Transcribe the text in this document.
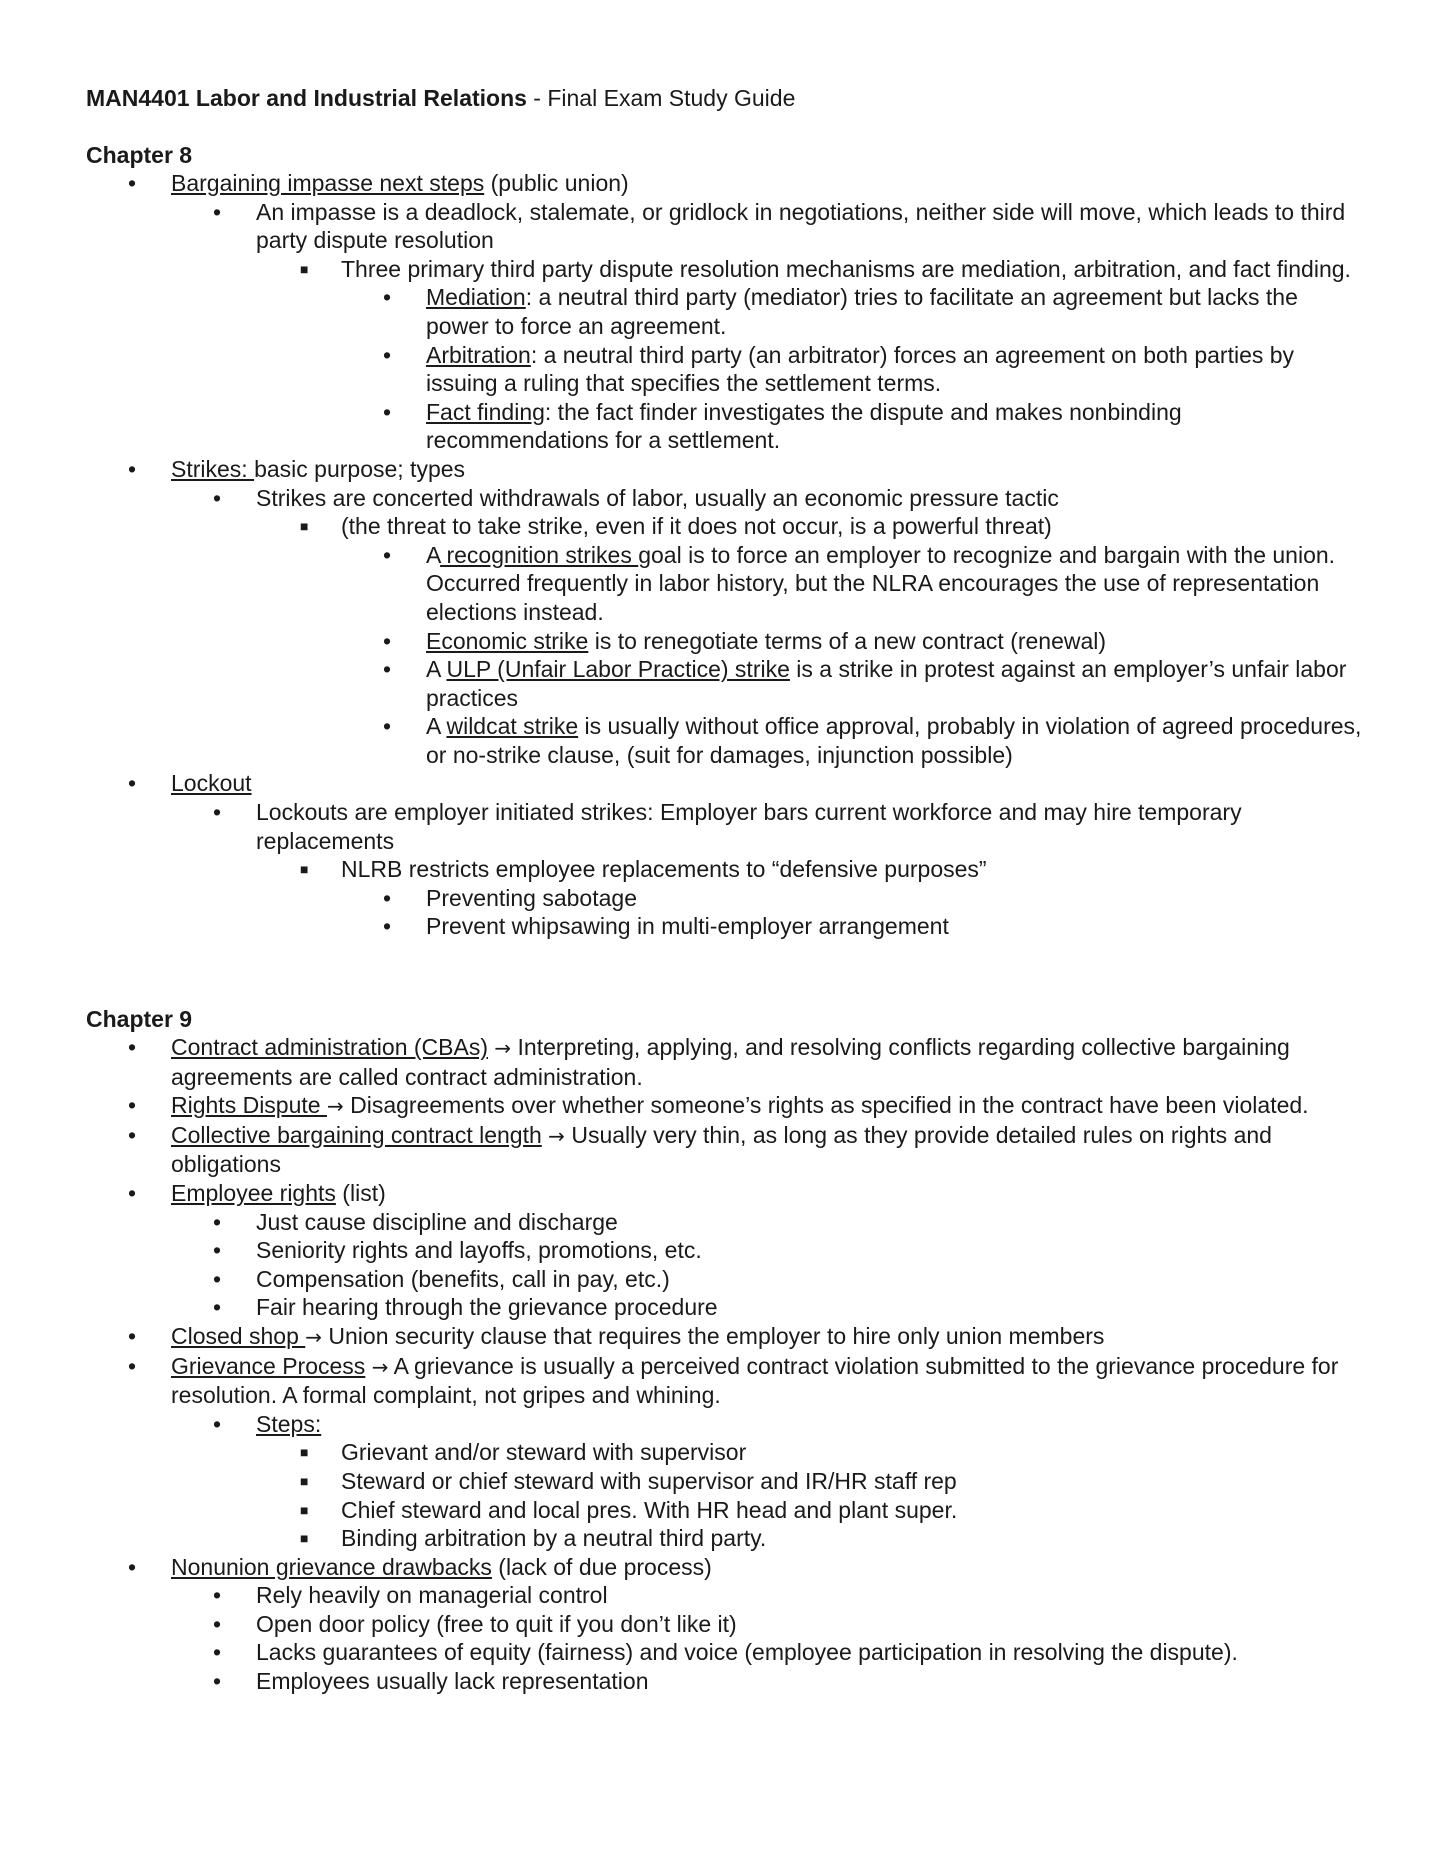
MAN4401 Labor and Industrial Relations - Final Exam Study Guide
Chapter 8
• Bargaining impasse next steps (public union)
• An impasse is a deadlock, stalemate, or gridlock in negotiations, neither side will move, which leads to third party dispute resolution
■ Three primary third party dispute resolution mechanisms are mediation, arbitration, and fact finding.
• Mediation: a neutral third party (mediator) tries to facilitate an agreement but lacks the power to force an agreement.
• Arbitration: a neutral third party (an arbitrator) forces an agreement on both parties by issuing a ruling that specifies the settlement terms.
• Fact finding: the fact finder investigates the dispute and makes nonbinding recommendations for a settlement.
• Strikes: basic purpose; types
• Strikes are concerted withdrawals of labor, usually an economic pressure tactic
■ (the threat to take strike, even if it does not occur, is a powerful threat)
• A recognition strikes goal is to force an employer to recognize and bargain with the union. Occurred frequently in labor history, but the NLRA encourages the use of representation elections instead.
• Economic strike is to renegotiate terms of a new contract (renewal)
• A ULP (Unfair Labor Practice) strike is a strike in protest against an employer’s unfair labor practices
• A wildcat strike is usually without office approval, probably in violation of agreed procedures, or no-strike clause, (suit for damages, injunction possible)
• Lockout
• Lockouts are employer initiated strikes: Employer bars current workforce and may hire temporary replacements
■ NLRB restricts employee replacements to “defensive purposes”
• Preventing sabotage
• Prevent whipsawing in multi-employer arrangement
Chapter 9
• Contract administration (CBAs) → Interpreting, applying, and resolving conflicts regarding collective bargaining agreements are called contract administration.
• Rights Dispute → Disagreements over whether someone’s rights as specified in the contract have been violated.
• Collective bargaining contract length → Usually very thin, as long as they provide detailed rules on rights and obligations
• Employee rights (list)
• Just cause discipline and discharge
• Seniority rights and layoffs, promotions, etc.
• Compensation (benefits, call in pay, etc.)
• Fair hearing through the grievance procedure
• Closed shop → Union security clause that requires the employer to hire only union members
• Grievance Process → A grievance is usually a perceived contract violation submitted to the grievance procedure for resolution. A formal complaint, not gripes and whining.
• Steps:
■ Grievant and/or steward with supervisor
■ Steward or chief steward with supervisor and IR/HR staff rep
■ Chief steward and local pres. With HR head and plant super.
■ Binding arbitration by a neutral third party.
• Nonunion grievance drawbacks (lack of due process)
• Rely heavily on managerial control
• Open door policy (free to quit if you don’t like it)
• Lacks guarantees of equity (fairness) and voice (employee participation in resolving the dispute).
• Employees usually lack representation
